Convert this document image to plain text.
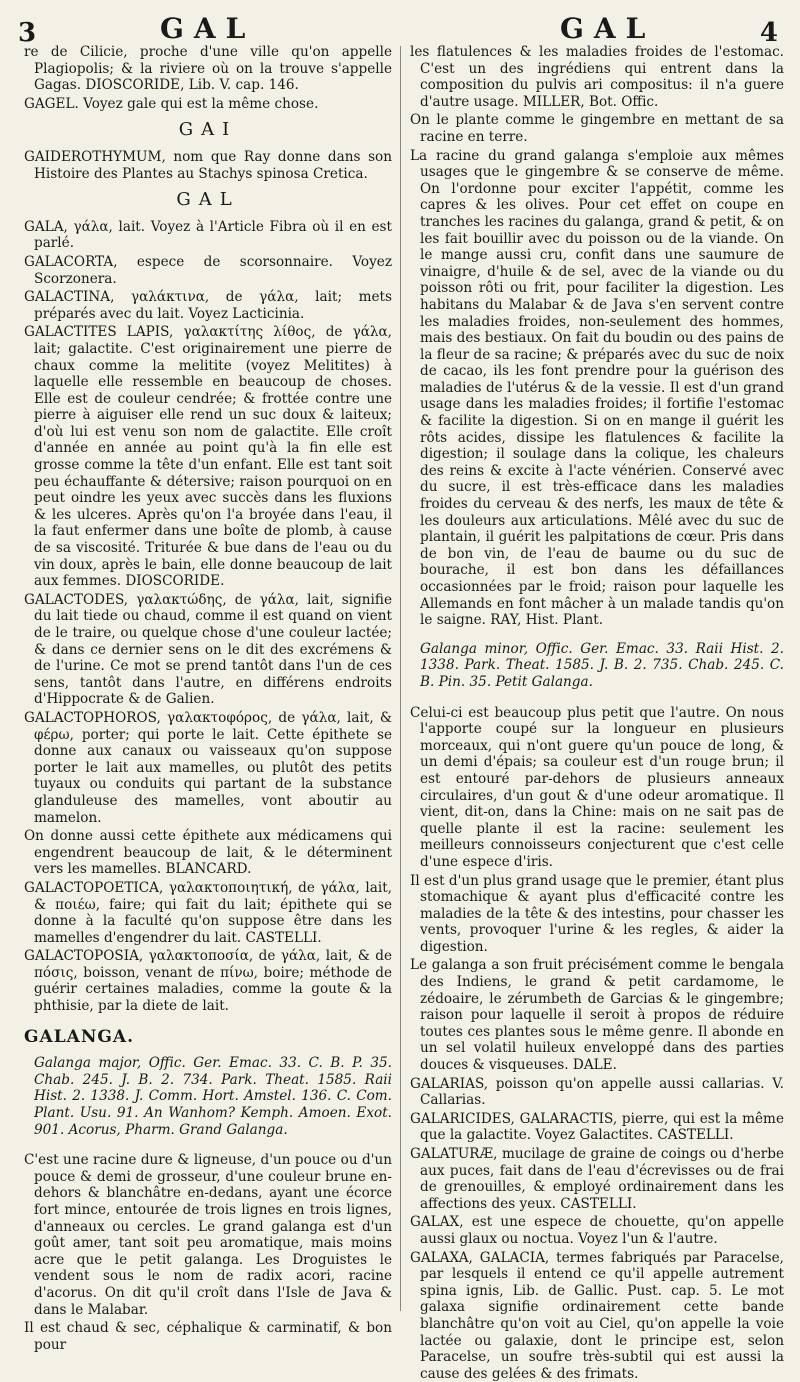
3	GAL	GAL	4

re de Cilicie, proche d'une ville qu'on appelle Plagiopolis; & la riviere où on la trouve s'appelle Gagas. DIOSCORIDE, Lib. V. cap. 146.

GAGEL. Voyez gale qui est la même chose.

GAI

GAIDEROTHYMUM, nom que Ray donne dans son Histoire des Plantes au Stachys spinosa Cretica.

GAL

GALA, γάλα, lait. Voyez à l'Article Fibra où il en est parlé.

GALACORTA, espece de scorsonnaire. Voyez Scorzonera.

GALACTINA, γαλάκτινα, de γάλα, lait; mets préparés avec du lait. Voyez Lacticinia.

GALACTITES LAPIS, γαλακτίτης λίθος, de γάλα, lait; galactite. C'est originairement une pierre de chaux comme la melitite (voyez Melitites) à laquelle elle ressemble en beaucoup de choses. Elle est de couleur cendrée; & frottée contre une pierre à aiguiser elle rend un suc doux & laiteux; d'où lui est venu son nom de galactite. Elle croît d'année en année au point qu'à la fin elle est grosse comme la tête d'un enfant. Elle est tant soit peu échauffante & détersive; raison pourquoi on en peut oindre les yeux avec succès dans les fluxions & les ulceres. Après qu'on l'a broyée dans l'eau, il la faut enfermer dans une boîte de plomb, à cause de sa viscosité. Triturée & bue dans de l'eau ou du vin doux, après le bain, elle donne beaucoup de lait aux femmes. DIOSCORIDE.

GALACTODES, γαλακτώδης, de γάλα, lait, signifie du lait tiede ou chaud, comme il est quand on vient de le traire, ou quelque chose d'une couleur lactée; & dans ce dernier sens on le dit des excrémens & de l'urine. Ce mot se prend tantôt dans l'un de ces sens, tantôt dans l'autre, en différens endroits d'Hippocrate & de Galien.

GALACTOPHOROS, γαλακτοφόρος, de γάλα, lait, & φέρω, porter; qui porte le lait. Cette épithete se donne aux canaux ou vaisseaux qu'on suppose porter le lait aux mamelles, ou plutôt des petits tuyaux ou conduits qui partant de la substance glanduleuse des mamelles, vont aboutir au mamelon.

On donne aussi cette épithete aux médicamens qui engendrent beaucoup de lait, & le déterminent vers les mamelles. BLANCARD.

GALACTOPOETICA, γαλακτοποιητική, de γάλα, lait, & ποιέω, faire; qui fait du lait; épithete qui se donne à la faculté qu'on suppose être dans les mamelles d'engendrer du lait. CASTELLI.

GALACTOPOSIA, γαλακτοποσία, de γάλα, lait, & de πόσις, boisson, venant de πίνω, boire; méthode de guérir certaines maladies, comme la goute & la phthisie, par la diete de lait.

GALANGA.

Galanga major, Offic. Ger. Emac. 33. C. B. P. 35. Chab. 245. J. B. 2. 734. Park. Theat. 1585. Raii Hist. 2. 1338. J. Comm. Hort. Amstel. 136. C. Com. Plant. Usu. 91. An Wanhom? Kemph. Amoen. Exot. 901. Acorus, Pharm. Grand Galanga.

C'est une racine dure & ligneuse, d'un pouce ou d'un pouce & demi de grosseur, d'une couleur brune en-dehors & blanchâtre en-dedans, ayant une écorce fort mince, entourée de trois lignes en trois lignes, d'anneaux ou cercles. Le grand galanga est d'un goût amer, tant soit peu aromatique, mais moins acre que le petit galanga. Les Droguistes le vendent sous le nom de radix acori, racine d'acorus. On dit qu'il croît dans l'Isle de Java & dans le Malabar.

Il est chaud & sec, céphalique & carminatif, & bon pour

les flatulences & les maladies froides de l'estomac. C'est un des ingrédiens qui entrent dans la composition du pulvis ari compositus: il n'a guere d'autre usage. MILLER, Bot. Offic.

On le plante comme le gingembre en mettant de sa racine en terre.

La racine du grand galanga s'emploie aux mêmes usages que le gingembre & se conserve de même. On l'ordonne pour exciter l'appétit, comme les capres & les olives. Pour cet effet on coupe en tranches les racines du galanga, grand & petit, & on les fait bouillir avec du poisson ou de la viande. On le mange aussi cru, confit dans une saumure de vinaigre, d'huile & de sel, avec de la viande ou du poisson rôti ou frit, pour faciliter la digestion. Les habitans du Malabar & de Java s'en servent contre les maladies froides, non-seulement des hommes, mais des bestiaux. On fait du boudin ou des pains de la fleur de sa racine; & préparés avec du suc de noix de cacao, ils les font prendre pour la guérison des maladies de l'utérus & de la vessie. Il est d'un grand usage dans les maladies froides; il fortifie l'estomac & facilite la digestion. Si on en mange il guérit les rôts acides, dissipe les flatulences & facilite la digestion; il soulage dans la colique, les chaleurs des reins & excite à l'acte vénérien. Conservé avec du sucre, il est très-efficace dans les maladies froides du cerveau & des nerfs, les maux de tête & les douleurs aux articulations. Mêlé avec du suc de plantain, il guérit les palpitations de cœur. Pris dans de bon vin, de l'eau de baume ou du suc de bourache, il est bon dans les défaillances occasionnées par le froid; raison pour laquelle les Allemands en font mâcher à un malade tandis qu'on le saigne. RAY, Hist. Plant.

Galanga minor, Offic. Ger. Emac. 33. Raii Hist. 2. 1338. Park. Theat. 1585. J. B. 2. 735. Chab. 245. C. B. Pin. 35. Petit Galanga.

Celui-ci est beaucoup plus petit que l'autre. On nous l'apporte coupé sur la longueur en plusieurs morceaux, qui n'ont guere qu'un pouce de long, & un demi d'épais; sa couleur est d'un rouge brun; il est entouré par-dehors de plusieurs anneaux circulaires, d'un gout & d'une odeur aromatique. Il vient, dit-on, dans la Chine: mais on ne sait pas de quelle plante il est la racine: seulement les meilleurs connoisseurs conjecturent que c'est celle d'une espece d'iris.

Il est d'un plus grand usage que le premier, étant plus stomachique & ayant plus d'efficacité contre les maladies de la tête & des intestins, pour chasser les vents, provoquer l'urine & les regles, & aider la digestion.

Le galanga a son fruit précisément comme le bengala des Indiens, le grand & petit cardamome, le zédoaire, le zérumbeth de Garcias & le gingembre; raison pour laquelle il seroit à propos de réduire toutes ces plantes sous le même genre. Il abonde en un sel volatil huileux enveloppé dans des parties douces & visqueuses. DALE.

GALARIAS, poisson qu'on appelle aussi callarias. V. Callarias.

GALARICIDES, GALARACTIS, pierre, qui est la même que la galactite. Voyez Galactites. CASTELLI.

GALATURÆ, mucilage de graine de coings ou d'herbe aux puces, fait dans de l'eau d'écrevisses ou de frai de grenouilles, & employé ordinairement dans les affections des yeux. CASTELLI.

GALAX, est une espece de chouette, qu'on appelle aussi glaux ou noctua. Voyez l'un & l'autre.

GALAXA, GALACIA, termes fabriqués par Paracelse, par lesquels il entend ce qu'il appelle autrement spina ignis, Lib. de Gallic. Pust. cap. 5. Le mot galaxa signifie ordinairement cette bande blanchâtre qu'on voit au Ciel, qu'on appelle la voie lactée ou galaxie, dont le principe est, selon Paracelse, un soufre très-subtil qui est aussi la cause des gelées & des frimats.
